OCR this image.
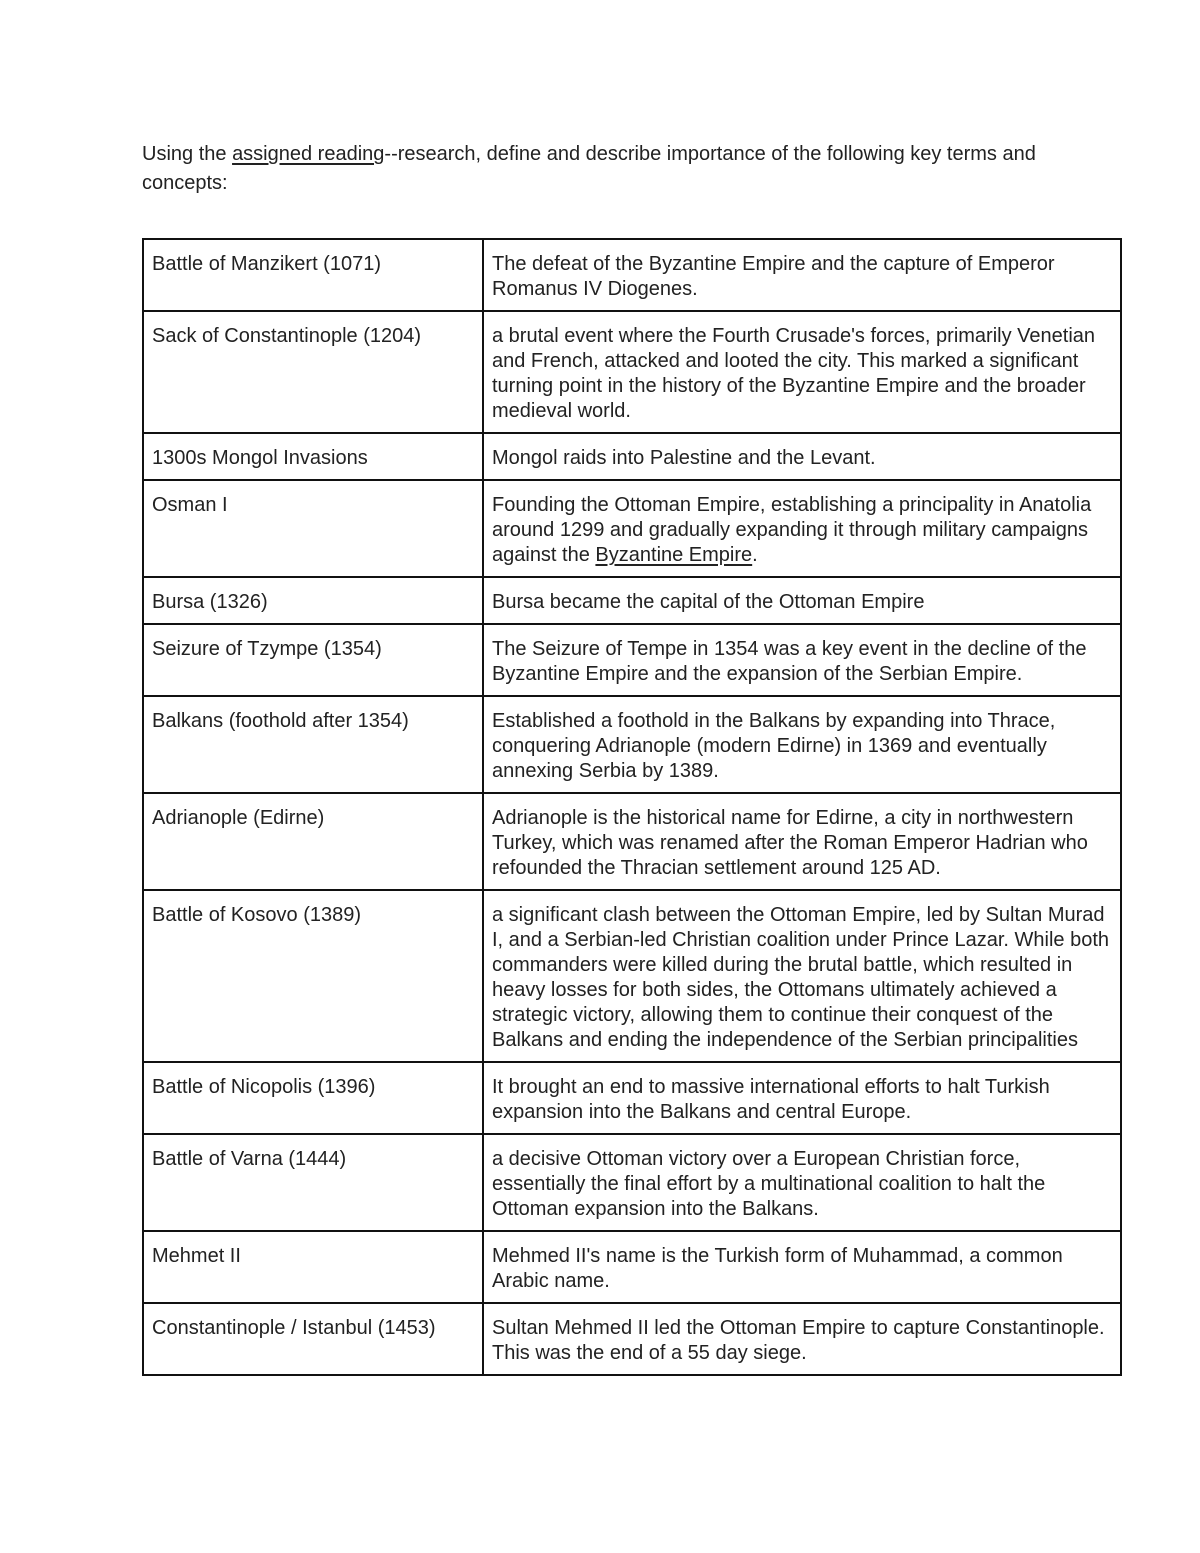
Using the assigned reading--research, define and describe importance of the following key terms and concepts:

Battle of Manzikert (1071)	The defeat of the Byzantine Empire and the capture of Emperor Romanus IV Diogenes.
Sack of Constantinople (1204)	a brutal event where the Fourth Crusade's forces, primarily Venetian and French, attacked and looted the city. This marked a significant turning point in the history of the Byzantine Empire and the broader medieval world.
1300s Mongol Invasions	Mongol raids into Palestine and the Levant.
Osman I	Founding the Ottoman Empire, establishing a principality in Anatolia around 1299 and gradually expanding it through military campaigns against the Byzantine Empire.
Bursa (1326)	Bursa became the capital of the Ottoman Empire
Seizure of Tzympe (1354)	The Seizure of Tempe in 1354 was a key event in the decline of the Byzantine Empire and the expansion of the Serbian Empire.
Balkans (foothold after 1354)	Established a foothold in the Balkans by expanding into Thrace, conquering Adrianople (modern Edirne) in 1369 and eventually annexing Serbia by 1389.
Adrianople (Edirne)	Adrianople is the historical name for Edirne, a city in northwestern Turkey, which was renamed after the Roman Emperor Hadrian who refounded the Thracian settlement around 125 AD.
Battle of Kosovo (1389)	a significant clash between the Ottoman Empire, led by Sultan Murad I, and a Serbian-led Christian coalition under Prince Lazar. While both commanders were killed during the brutal battle, which resulted in heavy losses for both sides, the Ottomans ultimately achieved a strategic victory, allowing them to continue their conquest of the Balkans and ending the independence of the Serbian principalities
Battle of Nicopolis (1396)	It brought an end to massive international efforts to halt Turkish expansion into the Balkans and central Europe.
Battle of Varna (1444)	a decisive Ottoman victory over a European Christian force, essentially the final effort by a multinational coalition to halt the Ottoman expansion into the Balkans.
Mehmet II	Mehmed II's name is the Turkish form of Muhammad, a common Arabic name.
Constantinople / Istanbul (1453)	Sultan Mehmed II led the Ottoman Empire to capture Constantinople. This was the end of a 55 day siege.
